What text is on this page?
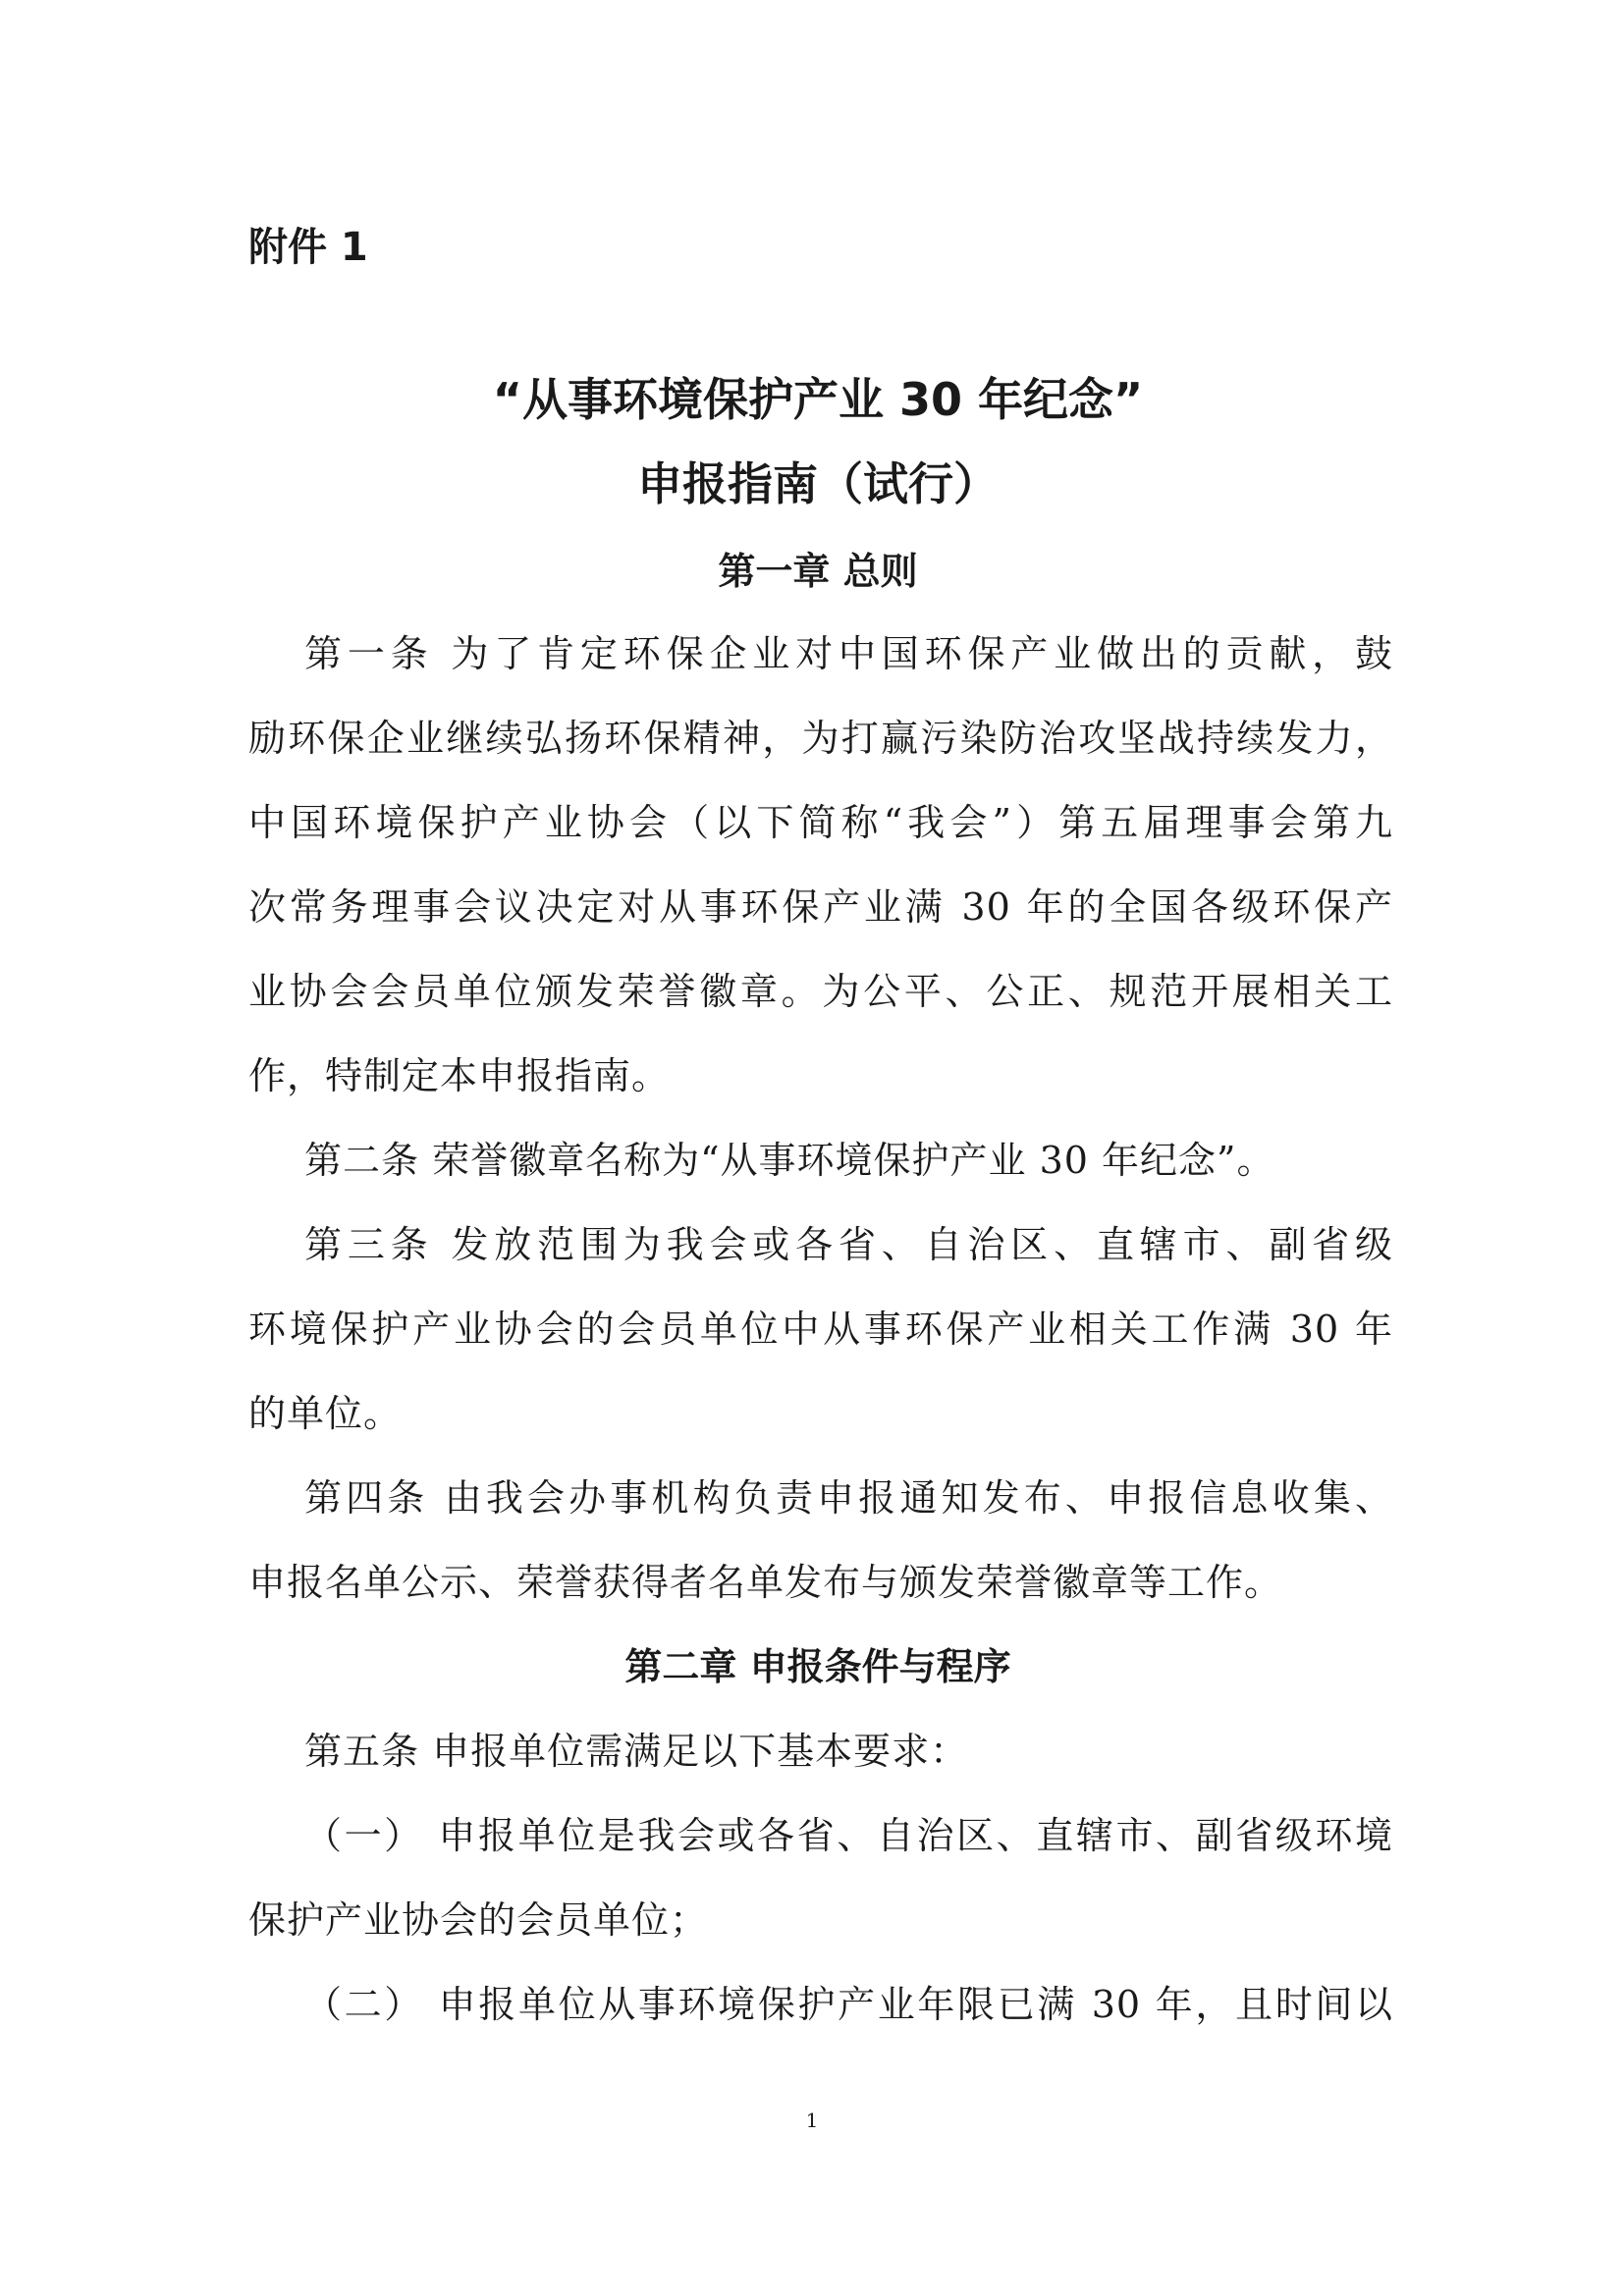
附件 1
“从事环境保护产业 30 年纪念”
申报指南（试行）
第一章 总则
第一条 为了肯定环保企业对中国环保产业做出的贡献，鼓
励环保企业继续弘扬环保精神，为打赢污染防治攻坚战持续发力，
中国环境保护产业协会（以下简称“我会”）第五届理事会第九
次常务理事会议决定对从事环保产业满 30 年的全国各级环保产
业协会会员单位颁发荣誉徽章。为公平、公正、规范开展相关工
作，特制定本申报指南。
第二条 荣誉徽章名称为“从事环境保护产业 30 年纪念”。
第三条 发放范围为我会或各省、自治区、直辖市、副省级
环境保护产业协会的会员单位中从事环保产业相关工作满 30 年
的单位。
第四条 由我会办事机构负责申报通知发布、申报信息收集、
申报名单公示、荣誉获得者名单发布与颁发荣誉徽章等工作。
第二章 申报条件与程序
第五条 申报单位需满足以下基本要求：
（一） 申报单位是我会或各省、自治区、直辖市、副省级环境
保护产业协会的会员单位；
（二） 申报单位从事环境保护产业年限已满 30 年，且时间以
1
